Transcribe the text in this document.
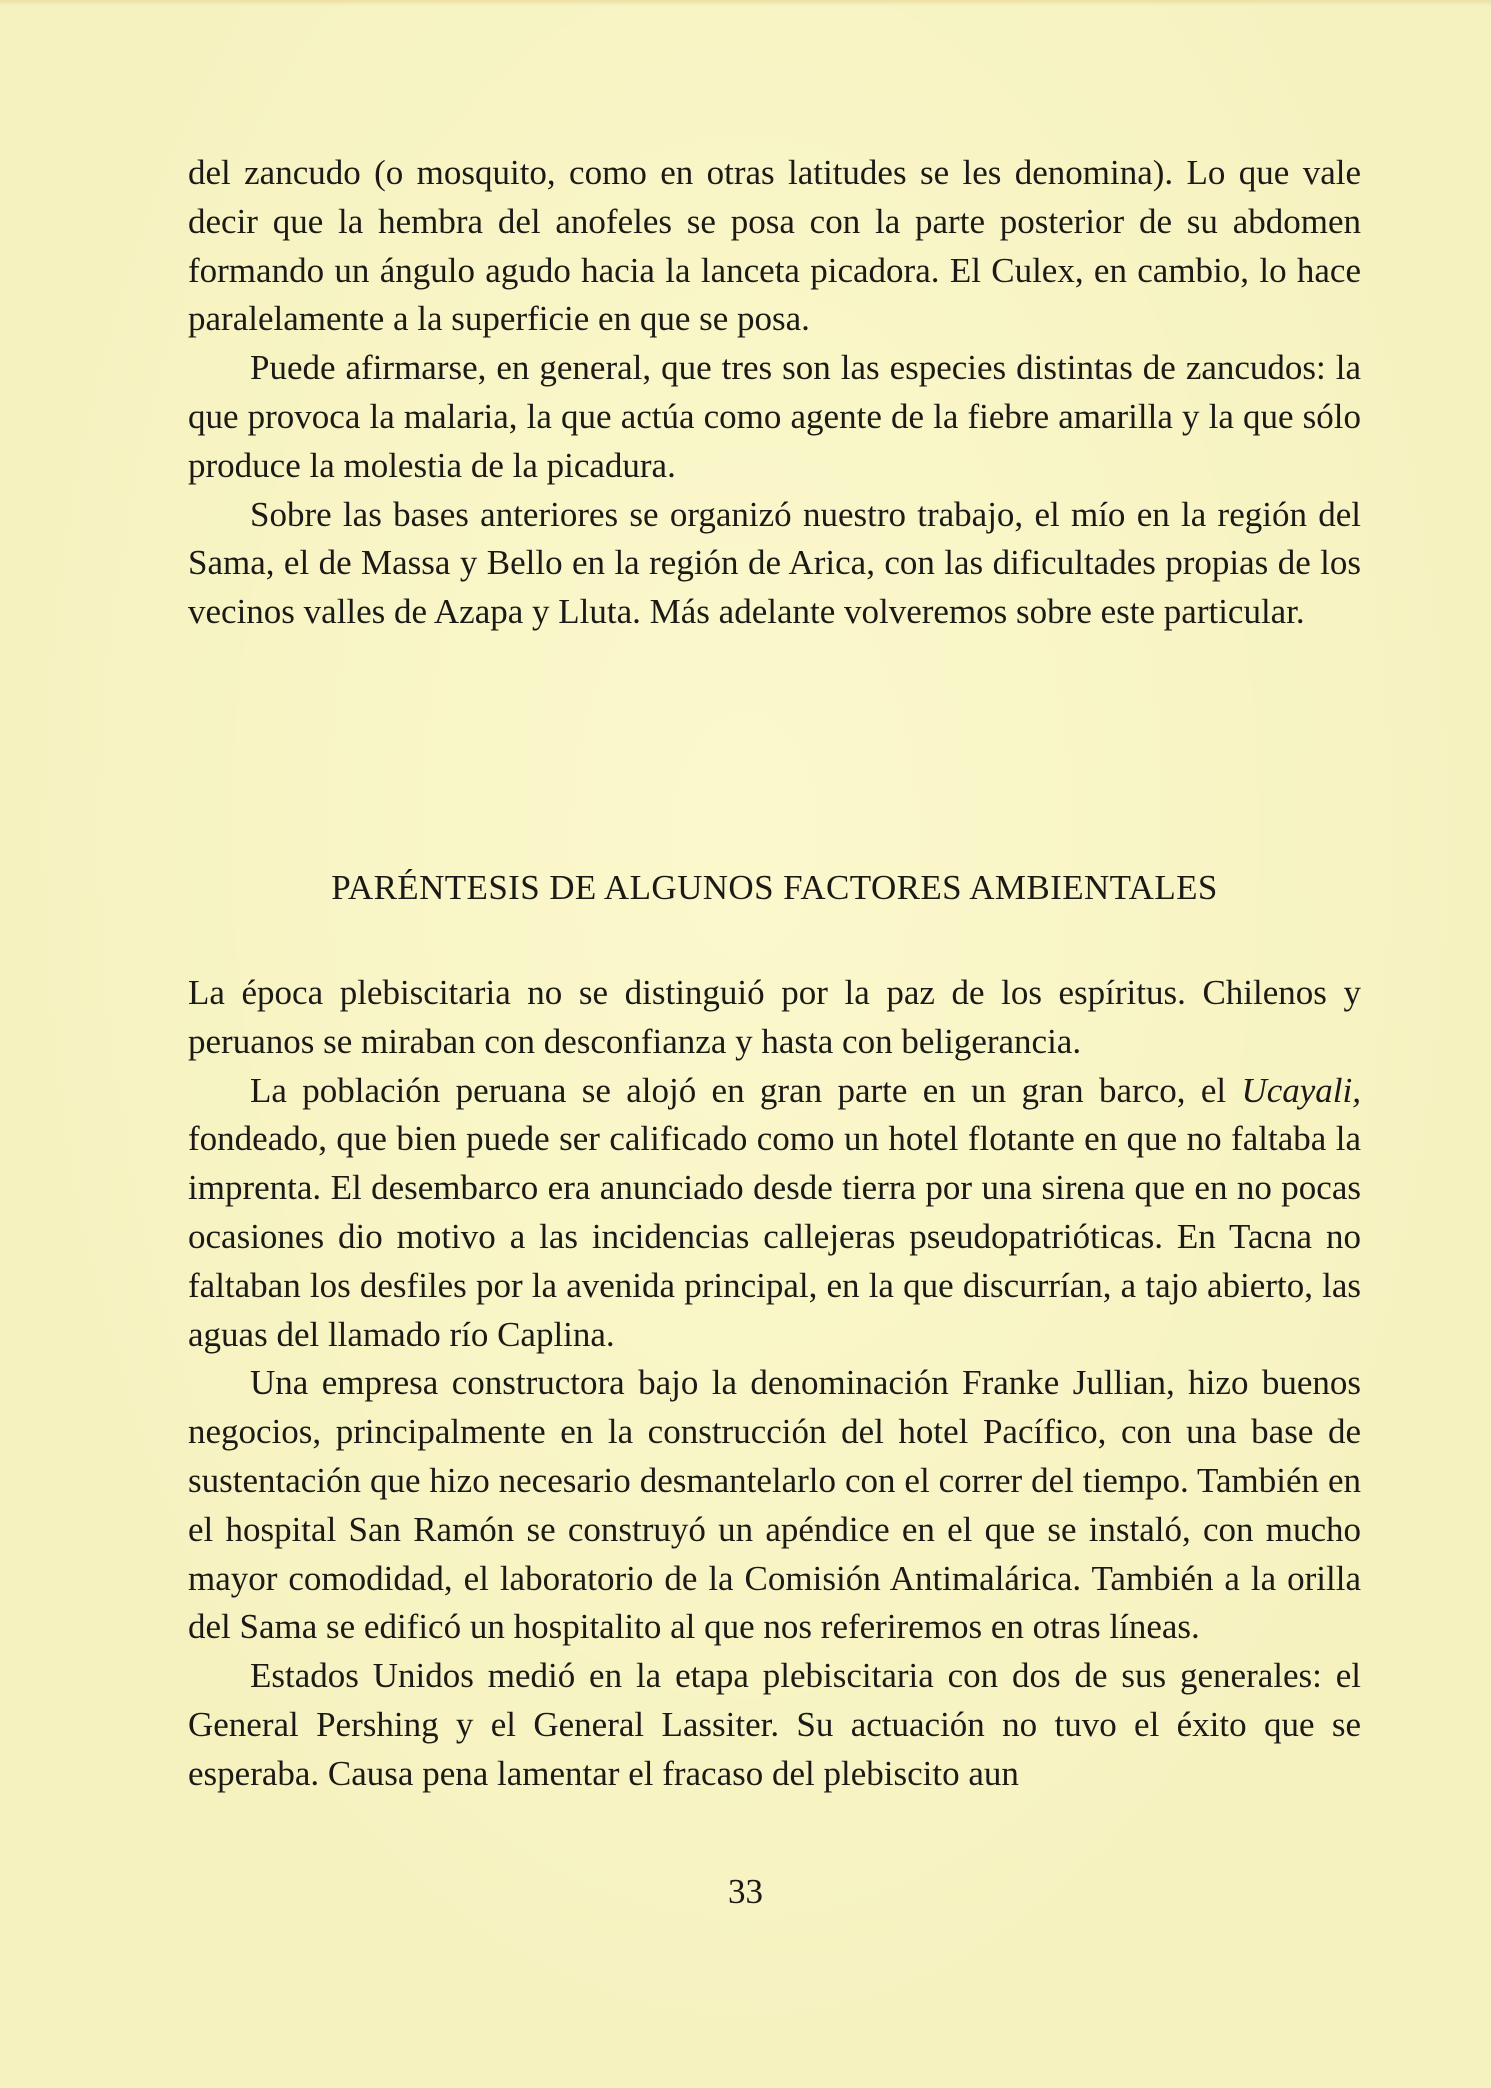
del zancudo (o mosquito, como en otras latitudes se les denomina). Lo que vale decir que la hembra del anofeles se posa con la parte posterior de su abdomen formando un ángulo agudo hacia la lanceta picadora. El Culex, en cambio, lo hace paralelamente a la superficie en que se posa.

Puede afirmarse, en general, que tres son las especies distintas de zancudos: la que provoca la malaria, la que actúa como agente de la fiebre amarilla y la que sólo produce la molestia de la picadura.

Sobre las bases anteriores se organizó nuestro trabajo, el mío en la región del Sama, el de Massa y Bello en la región de Arica, con las dificultades propias de los vecinos valles de Azapa y Lluta. Más adelante volveremos sobre este particular.

PARÉNTESIS DE ALGUNOS FACTORES AMBIENTALES

La época plebiscitaria no se distinguió por la paz de los espíritus. Chilenos y peruanos se miraban con desconfianza y hasta con beligerancia.

La población peruana se alojó en gran parte en un gran barco, el Ucayali, fondeado, que bien puede ser calificado como un hotel flotante en que no faltaba la imprenta. El desembarco era anunciado desde tierra por una sirena que en no pocas ocasiones dio motivo a las incidencias callejeras pseudopatrióticas. En Tacna no faltaban los desfiles por la avenida principal, en la que discurrían, a tajo abierto, las aguas del llamado río Caplina.

Una empresa constructora bajo la denominación Franke Jullian, hizo buenos negocios, principalmente en la construcción del hotel Pacífico, con una base de sustentación que hizo necesario desmantelarlo con el correr del tiempo. También en el hospital San Ramón se construyó un apéndice en el que se instaló, con mucho mayor comodidad, el laboratorio de la Comisión Antimalárica. También a la orilla del Sama se edificó un hospitalito al que nos referiremos en otras líneas.

Estados Unidos medió en la etapa plebiscitaria con dos de sus generales: el General Pershing y el General Lassiter. Su actuación no tuvo el éxito que se esperaba. Causa pena lamentar el fracaso del plebiscito aun

33
